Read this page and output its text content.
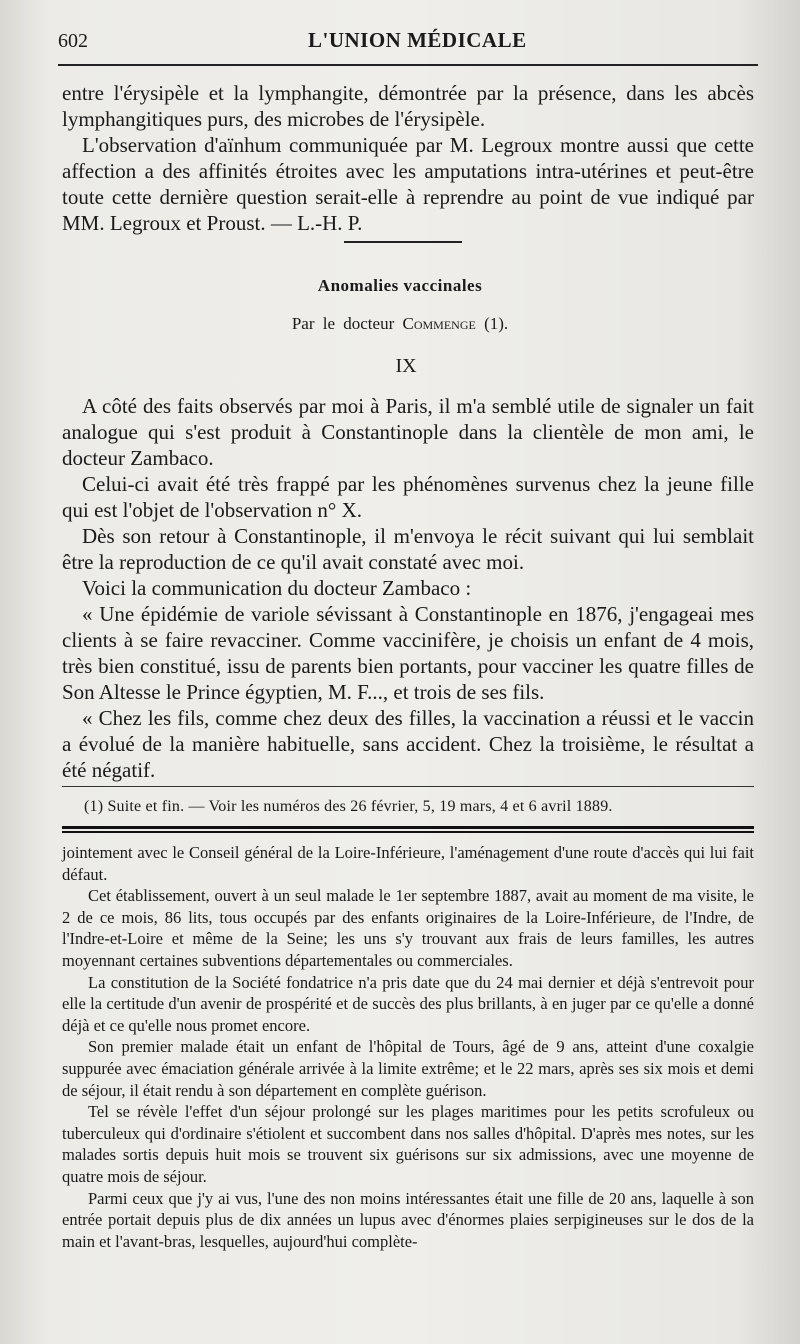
602	L'UNION MÉDICALE

entre l'érysipèle et la lymphangite, démontrée par la présence, dans les abcès lymphangitiques purs, des microbes de l'érysipèle.

L'observation d'aïnhum communiquée par M. Legroux montre aussi que cette affection a des affinités étroites avec les amputations intra-utérines et peut-être toute cette dernière question serait-elle à reprendre au point de vue indiqué par MM. Legroux et Proust. — L.-H. P.

Anomalies vaccinales
Par le docteur Commenge (1).
IX

A côté des faits observés par moi à Paris, il m'a semblé utile de signaler un fait analogue qui s'est produit à Constantinople dans la clientèle de mon ami, le docteur Zambaco.

Celui-ci avait été très frappé par les phénomènes survenus chez la jeune fille qui est l'objet de l'observation n° X.

Dès son retour à Constantinople, il m'envoya le récit suivant qui lui semblait être la reproduction de ce qu'il avait constaté avec moi.

Voici la communication du docteur Zambaco :

« Une épidémie de variole sévissant à Constantinople en 1876, j'engageai mes clients à se faire revacciner. Comme vaccinifère, je choisis un enfant de 4 mois, très bien constitué, issu de parents bien portants, pour vacciner les quatre filles de Son Altesse le Prince égyptien, M. F..., et trois de ses fils.

« Chez les fils, comme chez deux des filles, la vaccination a réussi et le vaccin a évolué de la manière habituelle, sans accident. Chez la troisième, le résultat a été négatif.

(1) Suite et fin. — Voir les numéros des 26 février, 5, 19 mars, 4 et 6 avril 1889.

jointement avec le Conseil général de la Loire-Inférieure, l'aménagement d'une route d'accès qui lui fait défaut.

Cet établissement, ouvert à un seul malade le 1er septembre 1887, avait au moment de ma visite, le 2 de ce mois, 86 lits, tous occupés par des enfants originaires de la Loire-Inférieure, de l'Indre, de l'Indre-et-Loire et même de la Seine; les uns s'y trouvant aux frais de leurs familles, les autres moyennant certaines subventions départementales ou commerciales.

La constitution de la Société fondatrice n'a pris date que du 24 mai dernier et déjà s'entrevoit pour elle la certitude d'un avenir de prospérité et de succès des plus brillants, à en juger par ce qu'elle a donné déjà et ce qu'elle nous promet encore.

Son premier malade était un enfant de l'hôpital de Tours, âgé de 9 ans, atteint d'une coxalgie suppurée avec émaciation générale arrivée à la limite extrême; et le 22 mars, après ses six mois et demi de séjour, il était rendu à son département en complète guérison.

Tel se révèle l'effet d'un séjour prolongé sur les plages maritimes pour les petits scrofuleux ou tuberculeux qui d'ordinaire s'étiolent et succombent dans nos salles d'hôpital. D'après mes notes, sur les malades sortis depuis huit mois se trouvent six guérisons sur six admissions, avec une moyenne de quatre mois de séjour.

Parmi ceux que j'y ai vus, l'une des non moins intéressantes était une fille de 20 ans, laquelle à son entrée portait depuis plus de dix années un lupus avec d'énormes plaies serpigineuses sur le dos de la main et l'avant-bras, lesquelles, aujourd'hui complète-
